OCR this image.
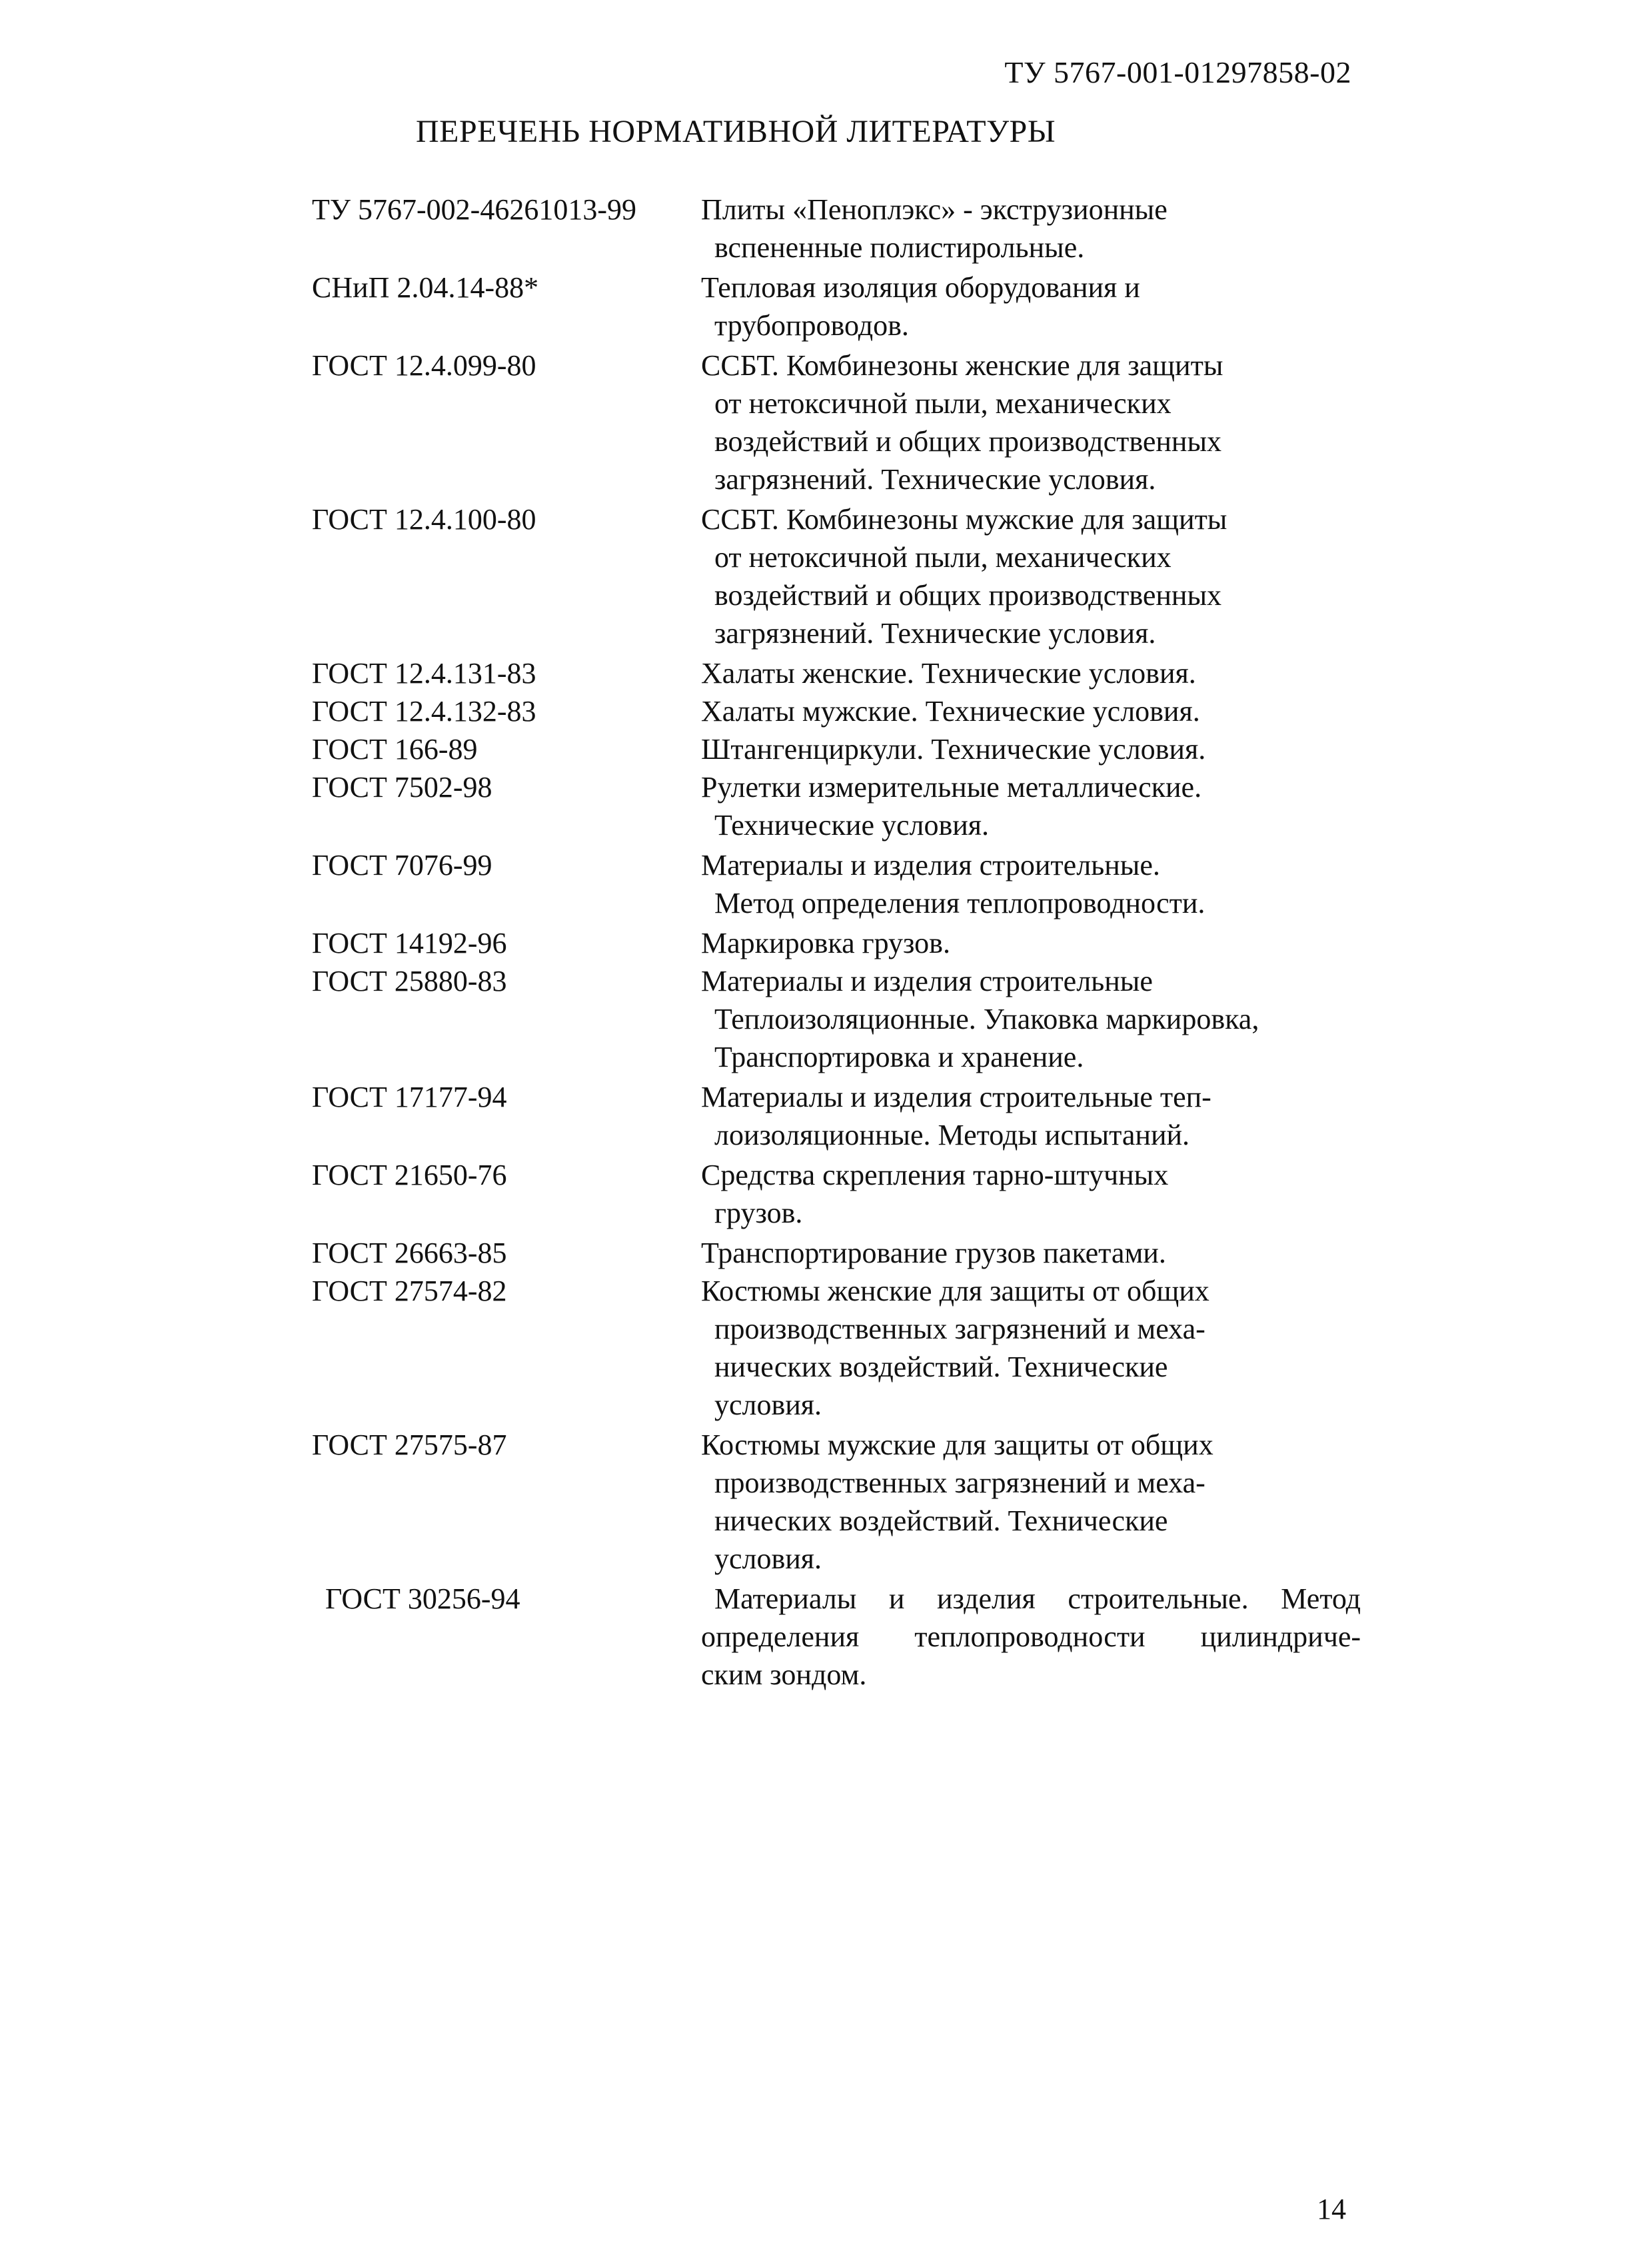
ТУ 5767-001-01297858-02
ПЕРЕЧЕНЬ НОРМАТИВНОЙ ЛИТЕРАТУРЫ
ТУ 5767-002-46261013-99 Плиты «Пеноплэкс» - экструзионные
вспененные полистирольные.
СНиП 2.04.14-88*	Тепловая изоляция оборудования и
трубопроводов.
ГОСТ 12.4.099-80	ССБТ. Комбинезоны женские для защиты
от нетоксичной пыли, механических
воздействий и общих производственных
загрязнений. Технические условия.
ГОСТ 12.4.100-80	ССБТ. Комбинезоны мужские для защиты
от нетоксичной пыли, механических
воздействий и общих производственных
загрязнений. Технические условия.
ГОСТ 12.4.131-83	Халаты женские. Технические условия.
ГОСТ 12.4.132-83	Халаты мужские. Технические условия.
ГОСТ 166-89	Штангенциркули. Технические условия.
ГОСТ 7502-98	Рулетки измерительные металлические.
Технические условия.
ГОСТ 7076-99	Материалы и изделия строительные.
Метод определения теплопроводности.
ГОСТ 14192-96	Маркировка грузов.
ГОСТ 25880-83	Материалы и изделия строительные
Теплоизоляционные. Упаковка маркировка,
Транспортировка и хранение.
ГОСТ 17177-94	Материалы и изделия строительные теп-
лоизоляционные. Методы испытаний.
ГОСТ 21650-76	Средства скрепления тарно-штучных
грузов.
ГОСТ 26663-85	Транспортирование грузов пакетами.
ГОСТ 27574-82	Костюмы женские для защиты от общих
производственных загрязнений и меха-
нических воздействий. Технические
условия.
ГОСТ 27575-87	Костюмы мужские для защиты от общих
производственных загрязнений и меха-
нических воздействий. Технические
условия.
ГОСТ 30256-94	Материалы и изделия строительные. Метод
определения теплопроводности цилиндриче-
ским зондом.
14
